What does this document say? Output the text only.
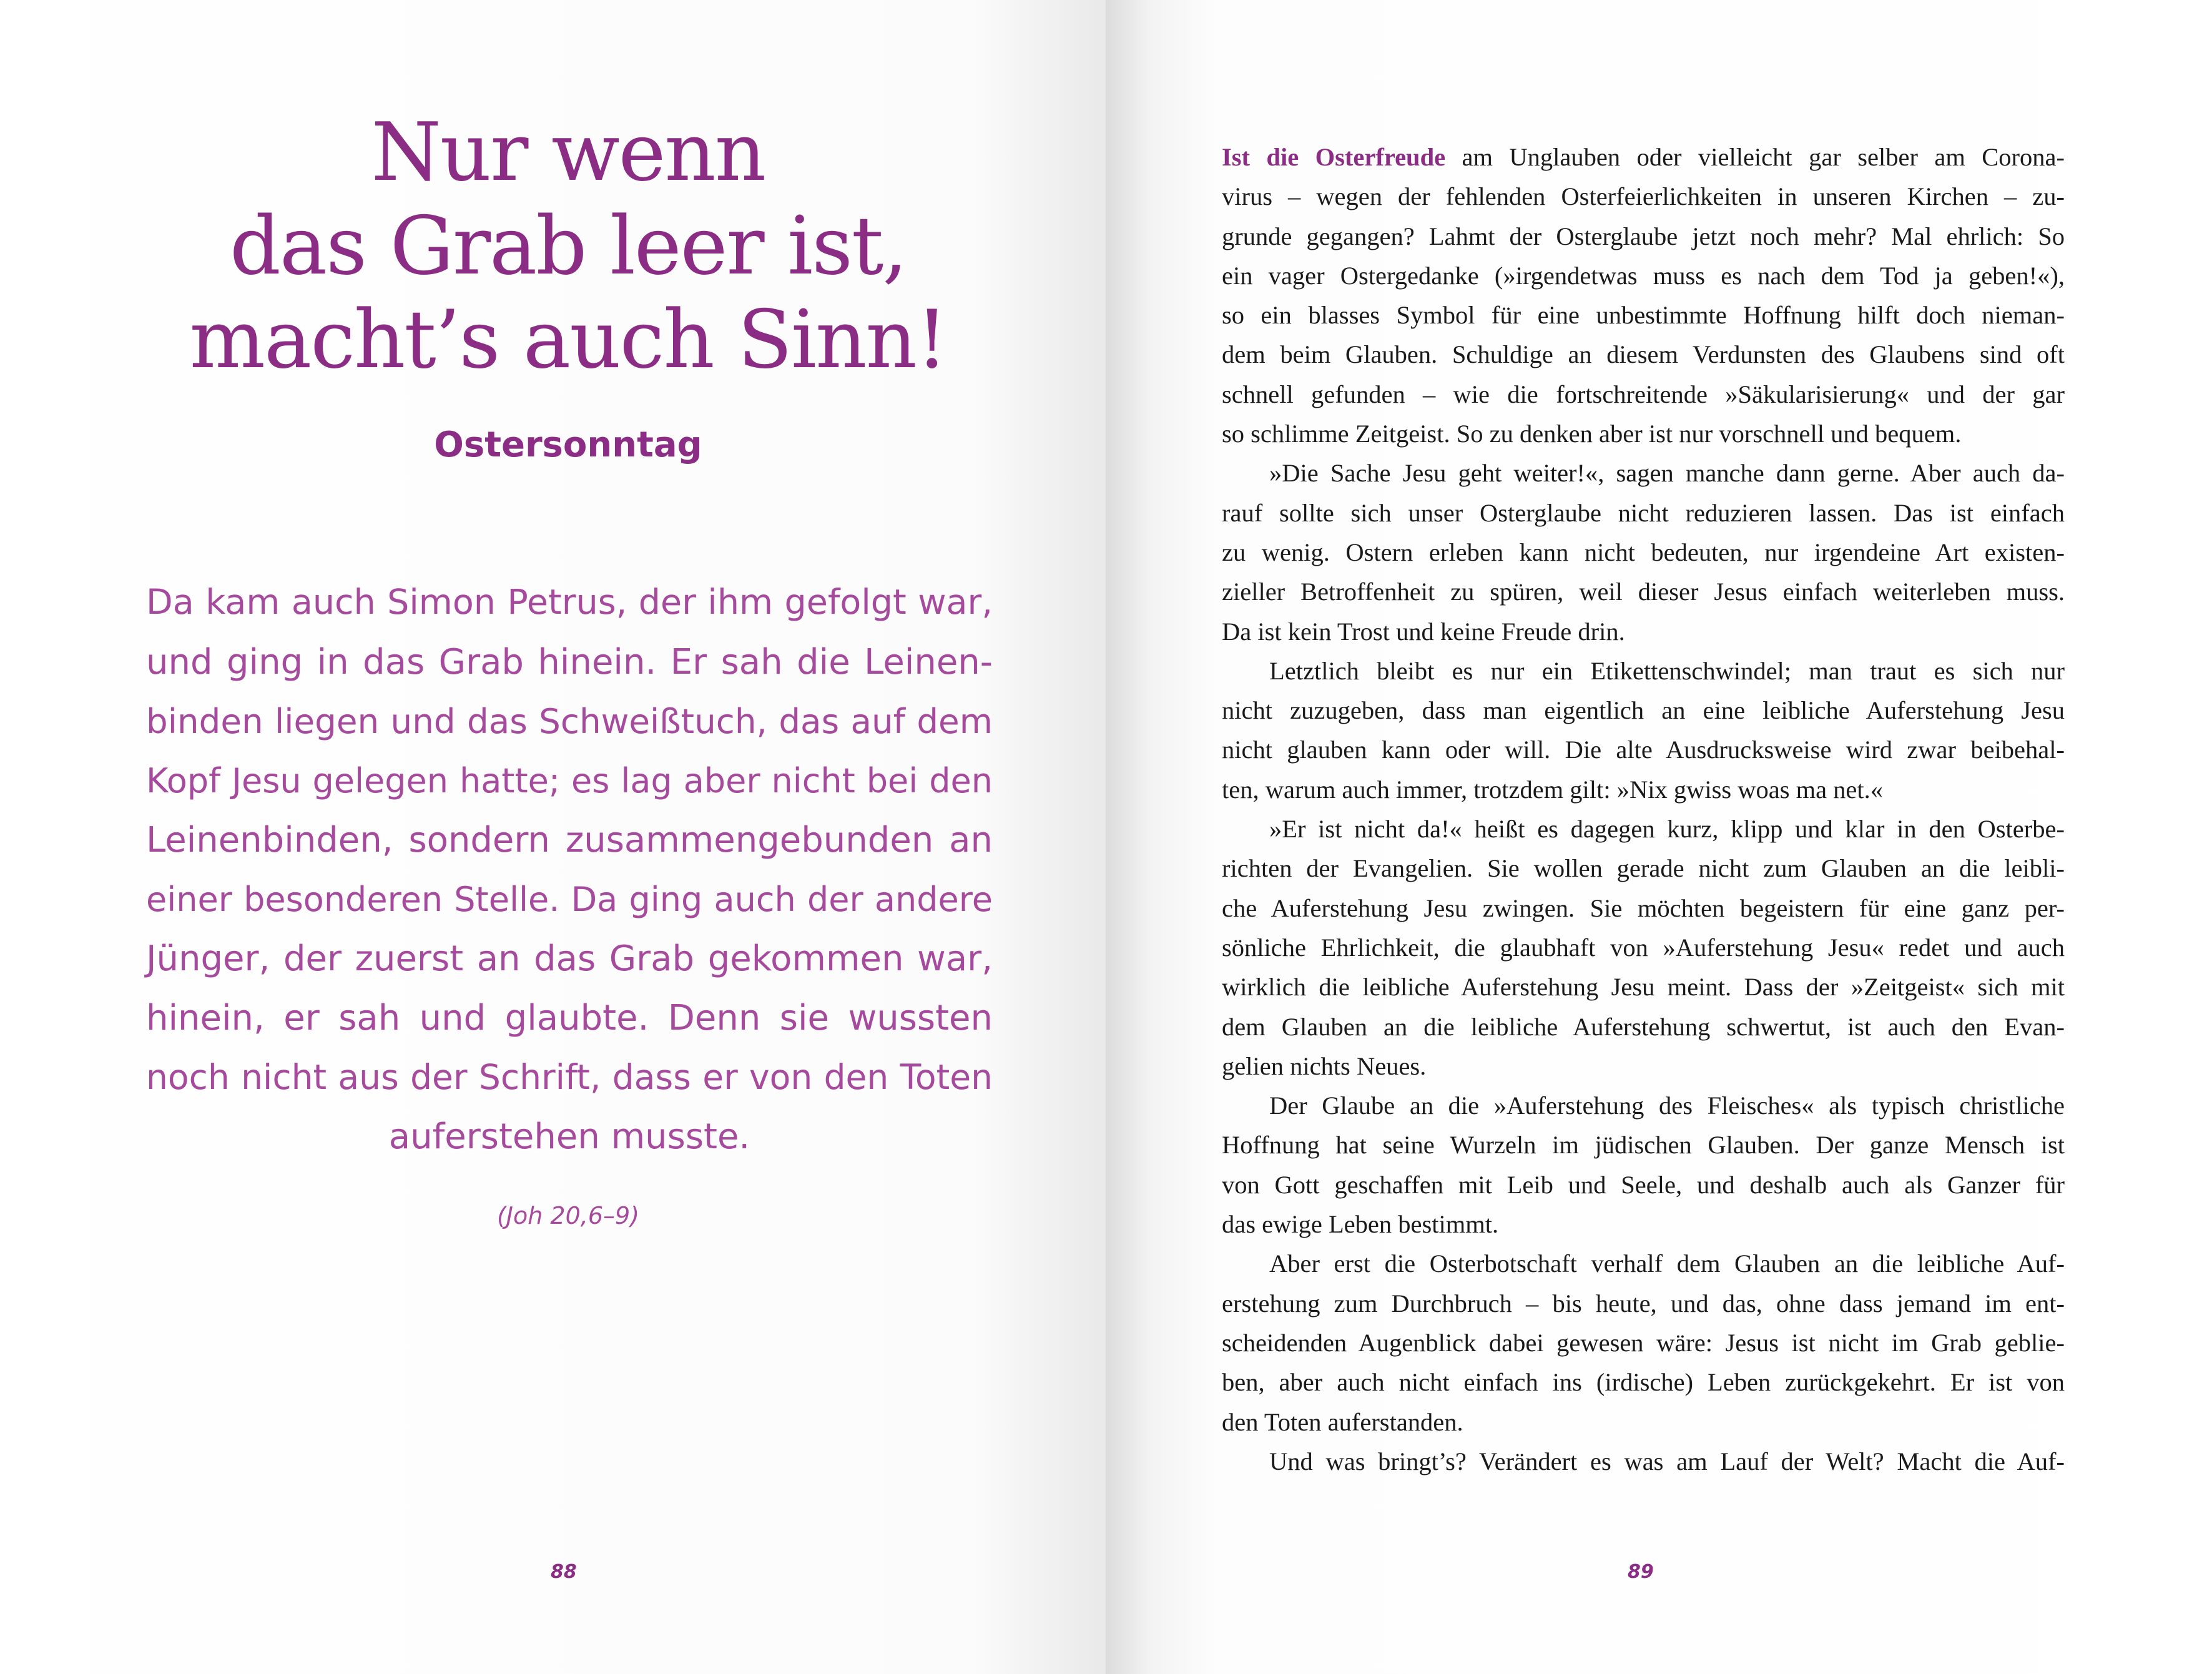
Nur wenn
das Grab leer ist,
macht’s auch Sinn!
Ostersonntag
Da kam auch Simon Petrus, der ihm gefolgt war,
und ging in das Grab hinein. Er sah die Leinen-
binden liegen und das Schweißtuch, das auf dem
Kopf Jesu gelegen hatte; es lag aber nicht bei den
Leinenbinden, sondern zusammengebunden an
einer besonderen Stelle. Da ging auch der andere
Jünger, der zuerst an das Grab gekommen war,
hinein, er sah und glaubte. Denn sie wussten
noch nicht aus der Schrift, dass er von den Toten
auferstehen musste.
(Joh 20,6–9)
88	89
Ist die Osterfreude am Unglauben oder vielleicht gar selber am Corona-
virus – wegen der fehlenden Osterfeierlichkeiten in unseren Kirchen – zu-
grunde gegangen? Lahmt der Osterglaube jetzt noch mehr? Mal ehrlich: So
ein vager Ostergedanke (»irgendetwas muss es nach dem Tod ja geben!«),
so ein blasses Symbol für eine unbestimmte Hoffnung hilft doch nieman-
dem beim Glauben. Schuldige an diesem Verdunsten des Glaubens sind oft
schnell gefunden – wie die fortschreitende »Säkularisierung« und der gar
so schlimme Zeitgeist. So zu denken aber ist nur vorschnell und bequem.
»Die Sache Jesu geht weiter!«, sagen manche dann gerne. Aber auch da-
rauf sollte sich unser Osterglaube nicht reduzieren lassen. Das ist einfach
zu wenig. Ostern erleben kann nicht bedeuten, nur irgendeine Art existen-
zieller Betroffenheit zu spüren, weil dieser Jesus einfach weiterleben muss.
Da ist kein Trost und keine Freude drin.
Letztlich bleibt es nur ein Etikettenschwindel; man traut es sich nur
nicht zuzugeben, dass man eigentlich an eine leibliche Auferstehung Jesu
nicht glauben kann oder will. Die alte Ausdrucksweise wird zwar beibehal-
ten, warum auch immer, trotzdem gilt: »Nix gwiss woas ma net.«
»Er ist nicht da!« heißt es dagegen kurz, klipp und klar in den Osterbe-
richten der Evangelien. Sie wollen gerade nicht zum Glauben an die leibli-
che Auferstehung Jesu zwingen. Sie möchten begeistern für eine ganz per-
sönliche Ehrlichkeit, die glaubhaft von »Auferstehung Jesu« redet und auch
wirklich die leibliche Auferstehung Jesu meint. Dass der »Zeitgeist« sich mit
dem Glauben an die leibliche Auferstehung schwertut, ist auch den Evan-
gelien nichts Neues.
Der Glaube an die »Auferstehung des Fleisches« als typisch christliche
Hoffnung hat seine Wurzeln im jüdischen Glauben. Der ganze Mensch ist
von Gott geschaffen mit Leib und Seele, und deshalb auch als Ganzer für
das ewige Leben bestimmt.
Aber erst die Osterbotschaft verhalf dem Glauben an die leibliche Auf-
erstehung zum Durchbruch – bis heute, und das, ohne dass jemand im ent-
scheidenden Augenblick dabei gewesen wäre: Jesus ist nicht im Grab geblie-
ben, aber auch nicht einfach ins (irdische) Leben zurückgekehrt. Er ist von
den Toten auferstanden.
Und was bringt’s? Verändert es was am Lauf der Welt? Macht die Auf-
